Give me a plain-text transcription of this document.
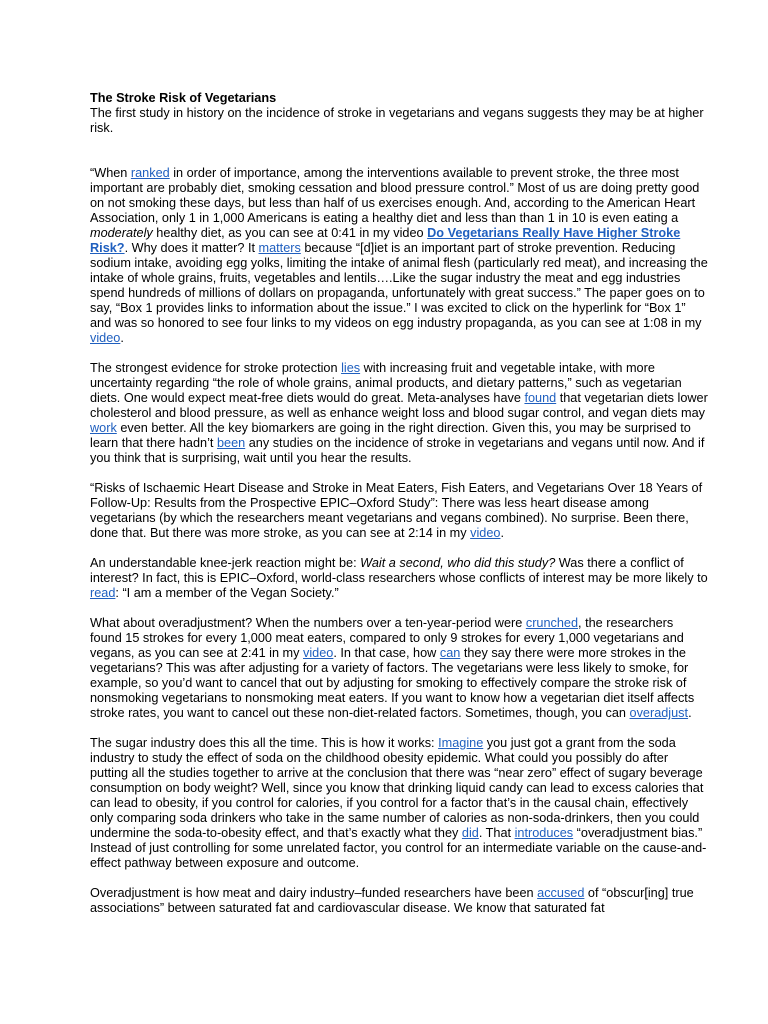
The Stroke Risk of Vegetarians

The first study in history on the incidence of stroke in vegetarians and vegans suggests they may be at higher risk.

“When ranked in order of importance, among the interventions available to prevent stroke, the three most important are probably diet, smoking cessation and blood pressure control.” Most of us are doing pretty good on not smoking these days, but less than half of us exercises enough. And, according to the American Heart Association, only 1 in 1,000 Americans is eating a healthy diet and less than than 1 in 10 is even eating a moderately healthy diet, as you can see at 0:41 in my video Do Vegetarians Really Have Higher Stroke Risk?. Why does it matter? It matters because “[d]iet is an important part of stroke prevention. Reducing sodium intake, avoiding egg yolks, limiting the intake of animal flesh (particularly red meat), and increasing the intake of whole grains, fruits, vegetables and lentils….Like the sugar industry the meat and egg industries spend hundreds of millions of dollars on propaganda, unfortunately with great success.” The paper goes on to say, “Box 1 provides links to information about the issue.” I was excited to click on the hyperlink for “Box 1” and was so honored to see four links to my videos on egg industry propaganda, as you can see at 1:08 in my video.

The strongest evidence for stroke protection lies with increasing fruit and vegetable intake, with more uncertainty regarding “the role of whole grains, animal products, and dietary patterns,” such as vegetarian diets. One would expect meat-free diets would do great. Meta-analyses have found that vegetarian diets lower cholesterol and blood pressure, as well as enhance weight loss and blood sugar control, and vegan diets may work even better. All the key biomarkers are going in the right direction. Given this, you may be surprised to learn that there hadn’t been any studies on the incidence of stroke in vegetarians and vegans until now. And if you think that is surprising, wait until you hear the results.

“Risks of Ischaemic Heart Disease and Stroke in Meat Eaters, Fish Eaters, and Vegetarians Over 18 Years of Follow-Up: Results from the Prospective EPIC–Oxford Study”: There was less heart disease among vegetarians (by which the researchers meant vegetarians and vegans combined). No surprise. Been there, done that. But there was more stroke, as you can see at 2:14 in my video.

An understandable knee-jerk reaction might be: Wait a second, who did this study? Was there a conflict of interest? In fact, this is EPIC–Oxford, world-class researchers whose conflicts of interest may be more likely to read: “I am a member of the Vegan Society.”

What about overadjustment? When the numbers over a ten-year-period were crunched, the researchers found 15 strokes for every 1,000 meat eaters, compared to only 9 strokes for every 1,000 vegetarians and vegans, as you can see at 2:41 in my video. In that case, how can they say there were more strokes in the vegetarians? This was after adjusting for a variety of factors. The vegetarians were less likely to smoke, for example, so you’d want to cancel that out by adjusting for smoking to effectively compare the stroke risk of nonsmoking vegetarians to nonsmoking meat eaters. If you want to know how a vegetarian diet itself affects stroke rates, you want to cancel out these non-diet-related factors. Sometimes, though, you can overadjust.

The sugar industry does this all the time. This is how it works: Imagine you just got a grant from the soda industry to study the effect of soda on the childhood obesity epidemic. What could you possibly do after putting all the studies together to arrive at the conclusion that there was “near zero” effect of sugary beverage consumption on body weight? Well, since you know that drinking liquid candy can lead to excess calories that can lead to obesity, if you control for calories, if you control for a factor that’s in the causal chain, effectively only comparing soda drinkers who take in the same number of calories as non-soda-drinkers, then you could undermine the soda-to-obesity effect, and that’s exactly what they did. That introduces “overadjustment bias.” Instead of just controlling for some unrelated factor, you control for an intermediate variable on the cause-and-effect pathway between exposure and outcome.

Overadjustment is how meat and dairy industry–funded researchers have been accused of “obscur[ing] true associations” between saturated fat and cardiovascular disease. We know that saturated fat
